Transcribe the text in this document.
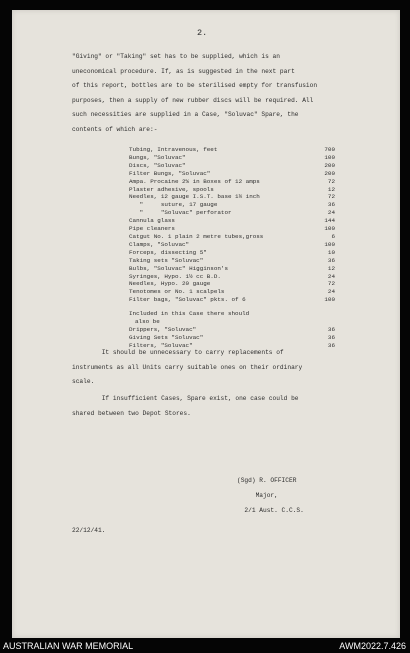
2.
"Giving" or "Taking" set has to be supplied, which is an
uneconomical procedure. If, as is suggested in the next part
of this report, bottles are to be sterilised empty for transfusion
purposes, then a supply of new rubber discs will be required. All
such necessities are supplied in a Case, "Soluvac" Spare, the
contents of which are:-
Tubing, Intravenous, feet	700
Bungs, "Soluvac"	100
Discs, "Soluvac"	200
Filter Bungs, "Soluvac"	200
Ampa. Procaine 2% in Boxes of 12 amps	72
Plaster adhesive, spools	12
Needles, 12 gauge I.S.T. base 1½ inch	72
"     suture, 17 gauge	36
"     "Soluvac" perforator	24
Cannula glass	144
Pipe cleaners	100
Catgut No. 1 plain 2 metre tubes,gross	6
Clamps, "Soluvac"	100
Forceps, dissecting 5"	10
Taking sets "Soluvac"	36
Bulbs, "Soluvac" Higginson's	12
Syringes, Hypo. 1½ cc B.D.	24
Needles, Hypo. 20 gauge	72
Tenotomes or No. 1 scalpels	24
Filter bags, "Soluvac" pkts. of 6	100
Included in this Case there should
also be
Drippers, "Soluvac"	36
Giving Sets "Soluvac"	36
Filters, "Soluvac"	36
It should be unnecessary to carry replacements of
instruments as all Units carry suitable ones on their ordinary
scale.
If insufficient Cases, Spare exist, one case could be
shared between two Depot Stores.
(Sgd) R. OFFICER
Major,
2/1 Aust. C.C.S.
22/12/41.
AUSTRALIAN WAR MEMORIAL	AWM2022.7.426
